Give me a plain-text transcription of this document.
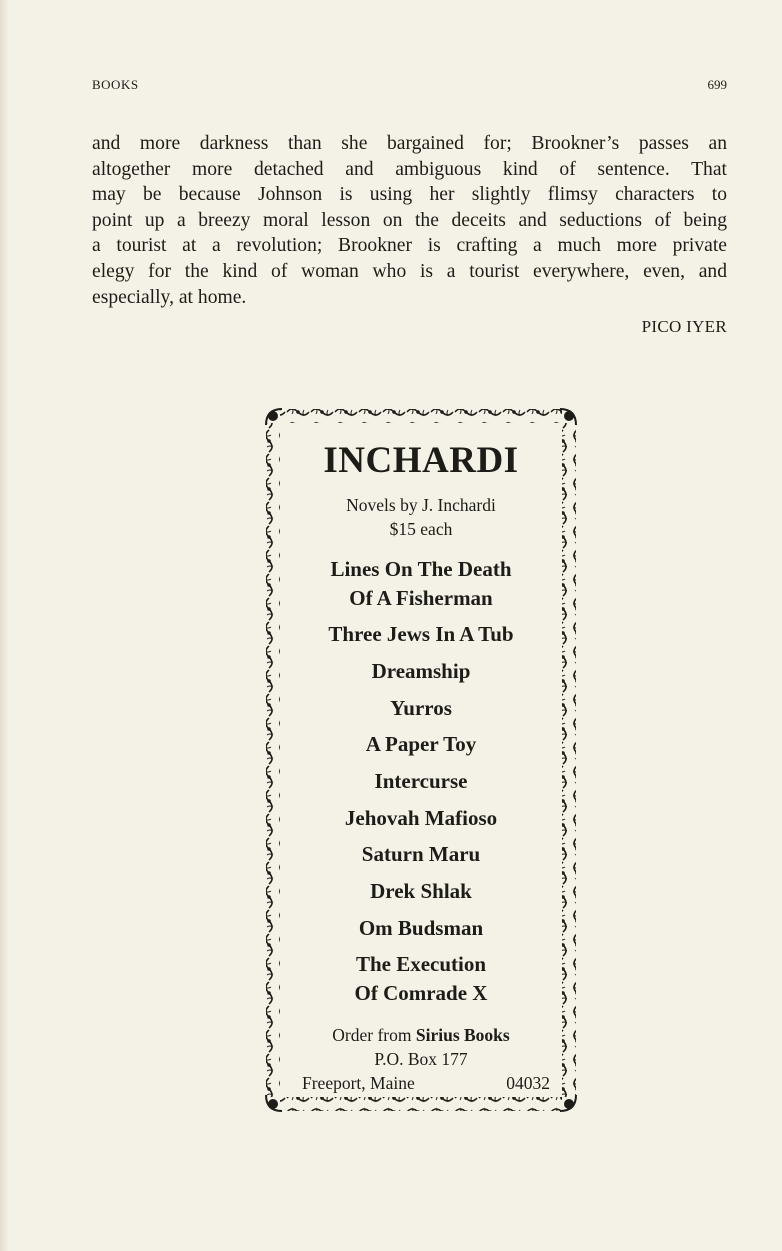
BOOKS	699

and more darkness than she bargained for; Brookner’s passes an
altogether more detached and ambiguous kind of sentence. That
may be because Johnson is using her slightly flimsy characters to
point up a breezy moral lesson on the deceits and seductions of being
a tourist at a revolution; Brookner is crafting a much more private
elegy for the kind of woman who is a tourist everywhere, even, and
especially, at home.

PICO IYER
INCHARDI
Novels by J. Inchardi
$15 each
Lines On The Death
Of A Fisherman
Three Jews In A Tub
Dreamship
Yurros
A Paper Toy
Intercurse
Jehovah Mafioso
Saturn Maru
Drek Shlak
Om Budsman
The Execution
Of Comrade X
Order from Sirius Books
P.O. Box 177
Freeport, Maine	04032
